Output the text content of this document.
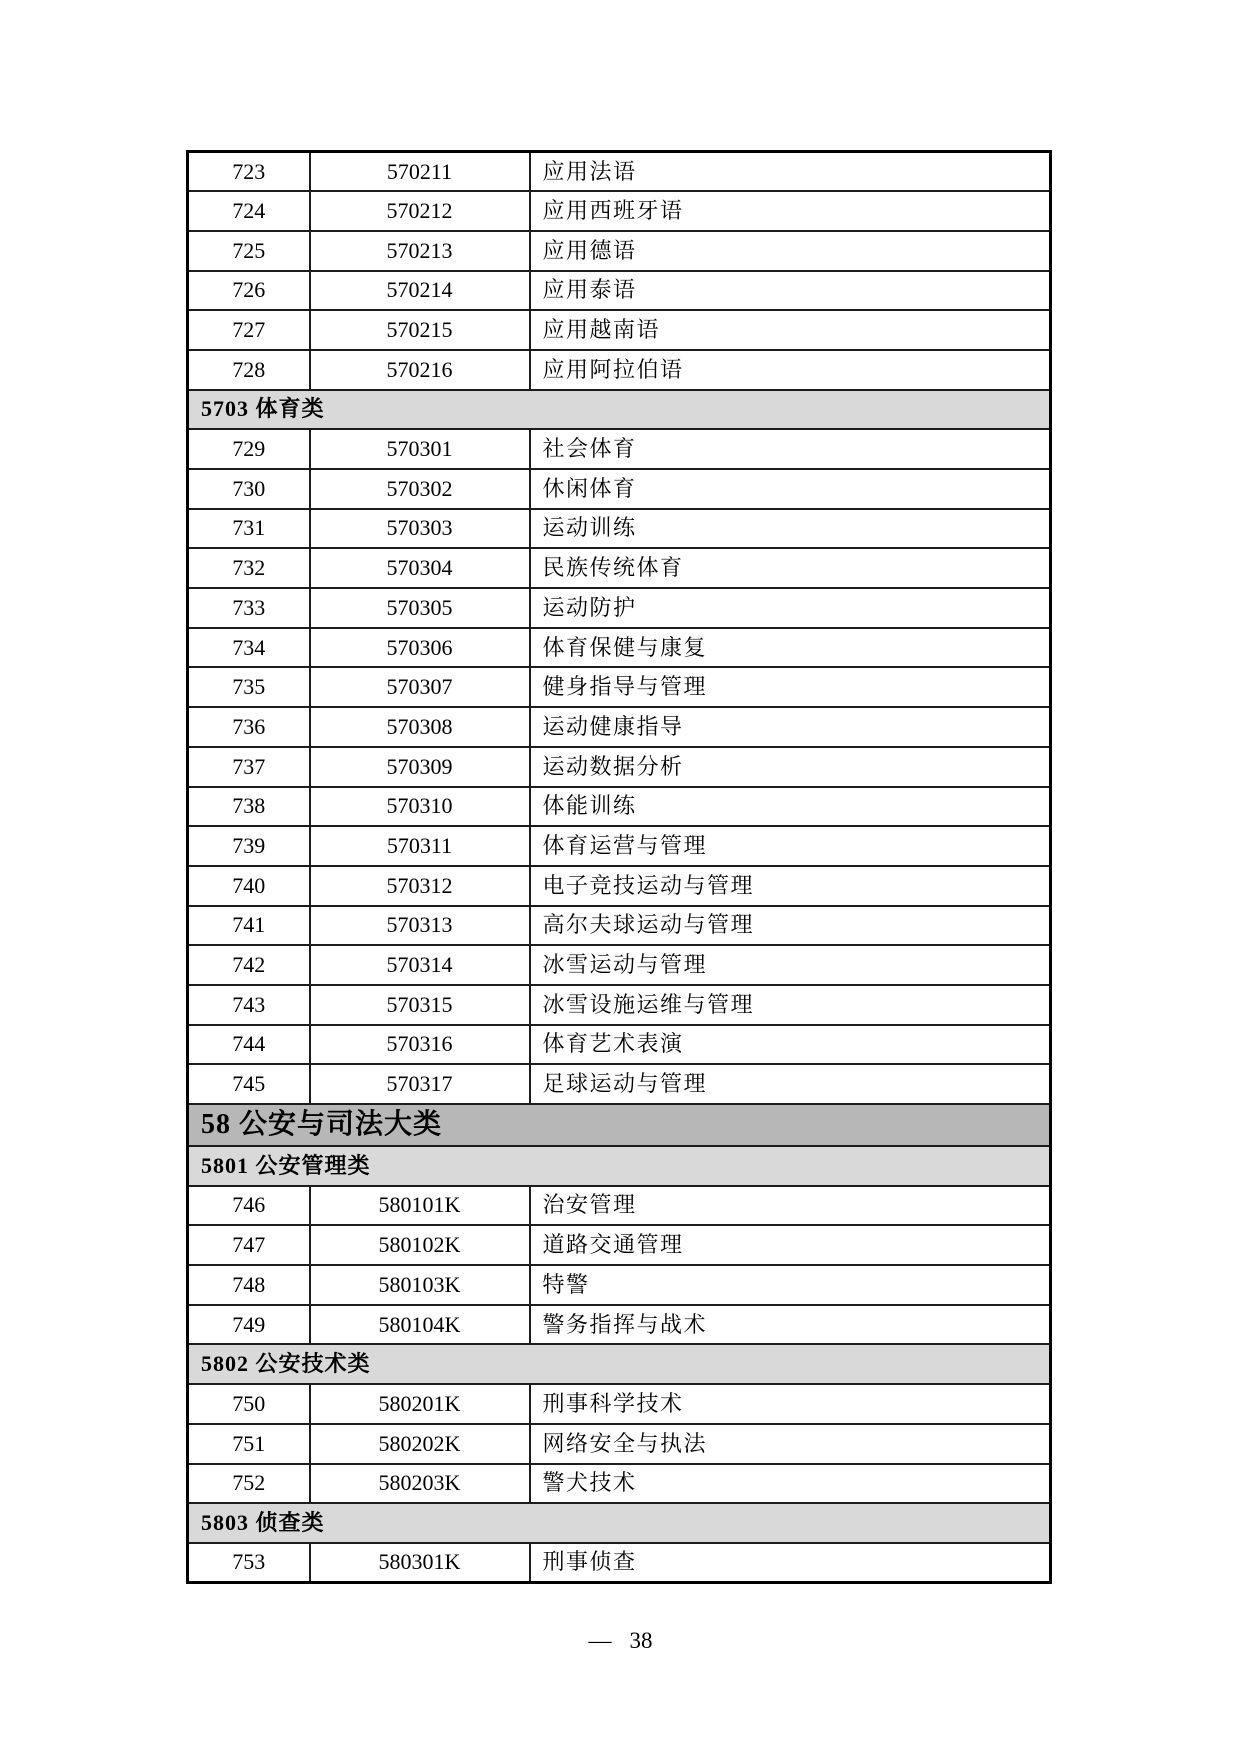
723	570211	应用法语
724	570212	应用西班牙语
725	570213	应用德语
726	570214	应用泰语
727	570215	应用越南语
728	570216	应用阿拉伯语
5703 体育类		
729	570301	社会体育
730	570302	休闲体育
731	570303	运动训练
732	570304	民族传统体育
733	570305	运动防护
734	570306	体育保健与康复
735	570307	健身指导与管理
736	570308	运动健康指导
737	570309	运动数据分析
738	570310	体能训练
739	570311	体育运营与管理
740	570312	电子竞技运动与管理
741	570313	高尔夫球运动与管理
742	570314	冰雪运动与管理
743	570315	冰雪设施运维与管理
744	570316	体育艺术表演
745	570317	足球运动与管理
58 公安与司法大类		
5801 公安管理类		
746	580101K	治安管理
747	580102K	道路交通管理
748	580103K	特警
749	580104K	警务指挥与战术
5802 公安技术类		
750	580201K	刑事科学技术
751	580202K	网络安全与执法
752	580203K	警犬技术
5803 侦查类		
753	580301K	刑事侦查
— 38
